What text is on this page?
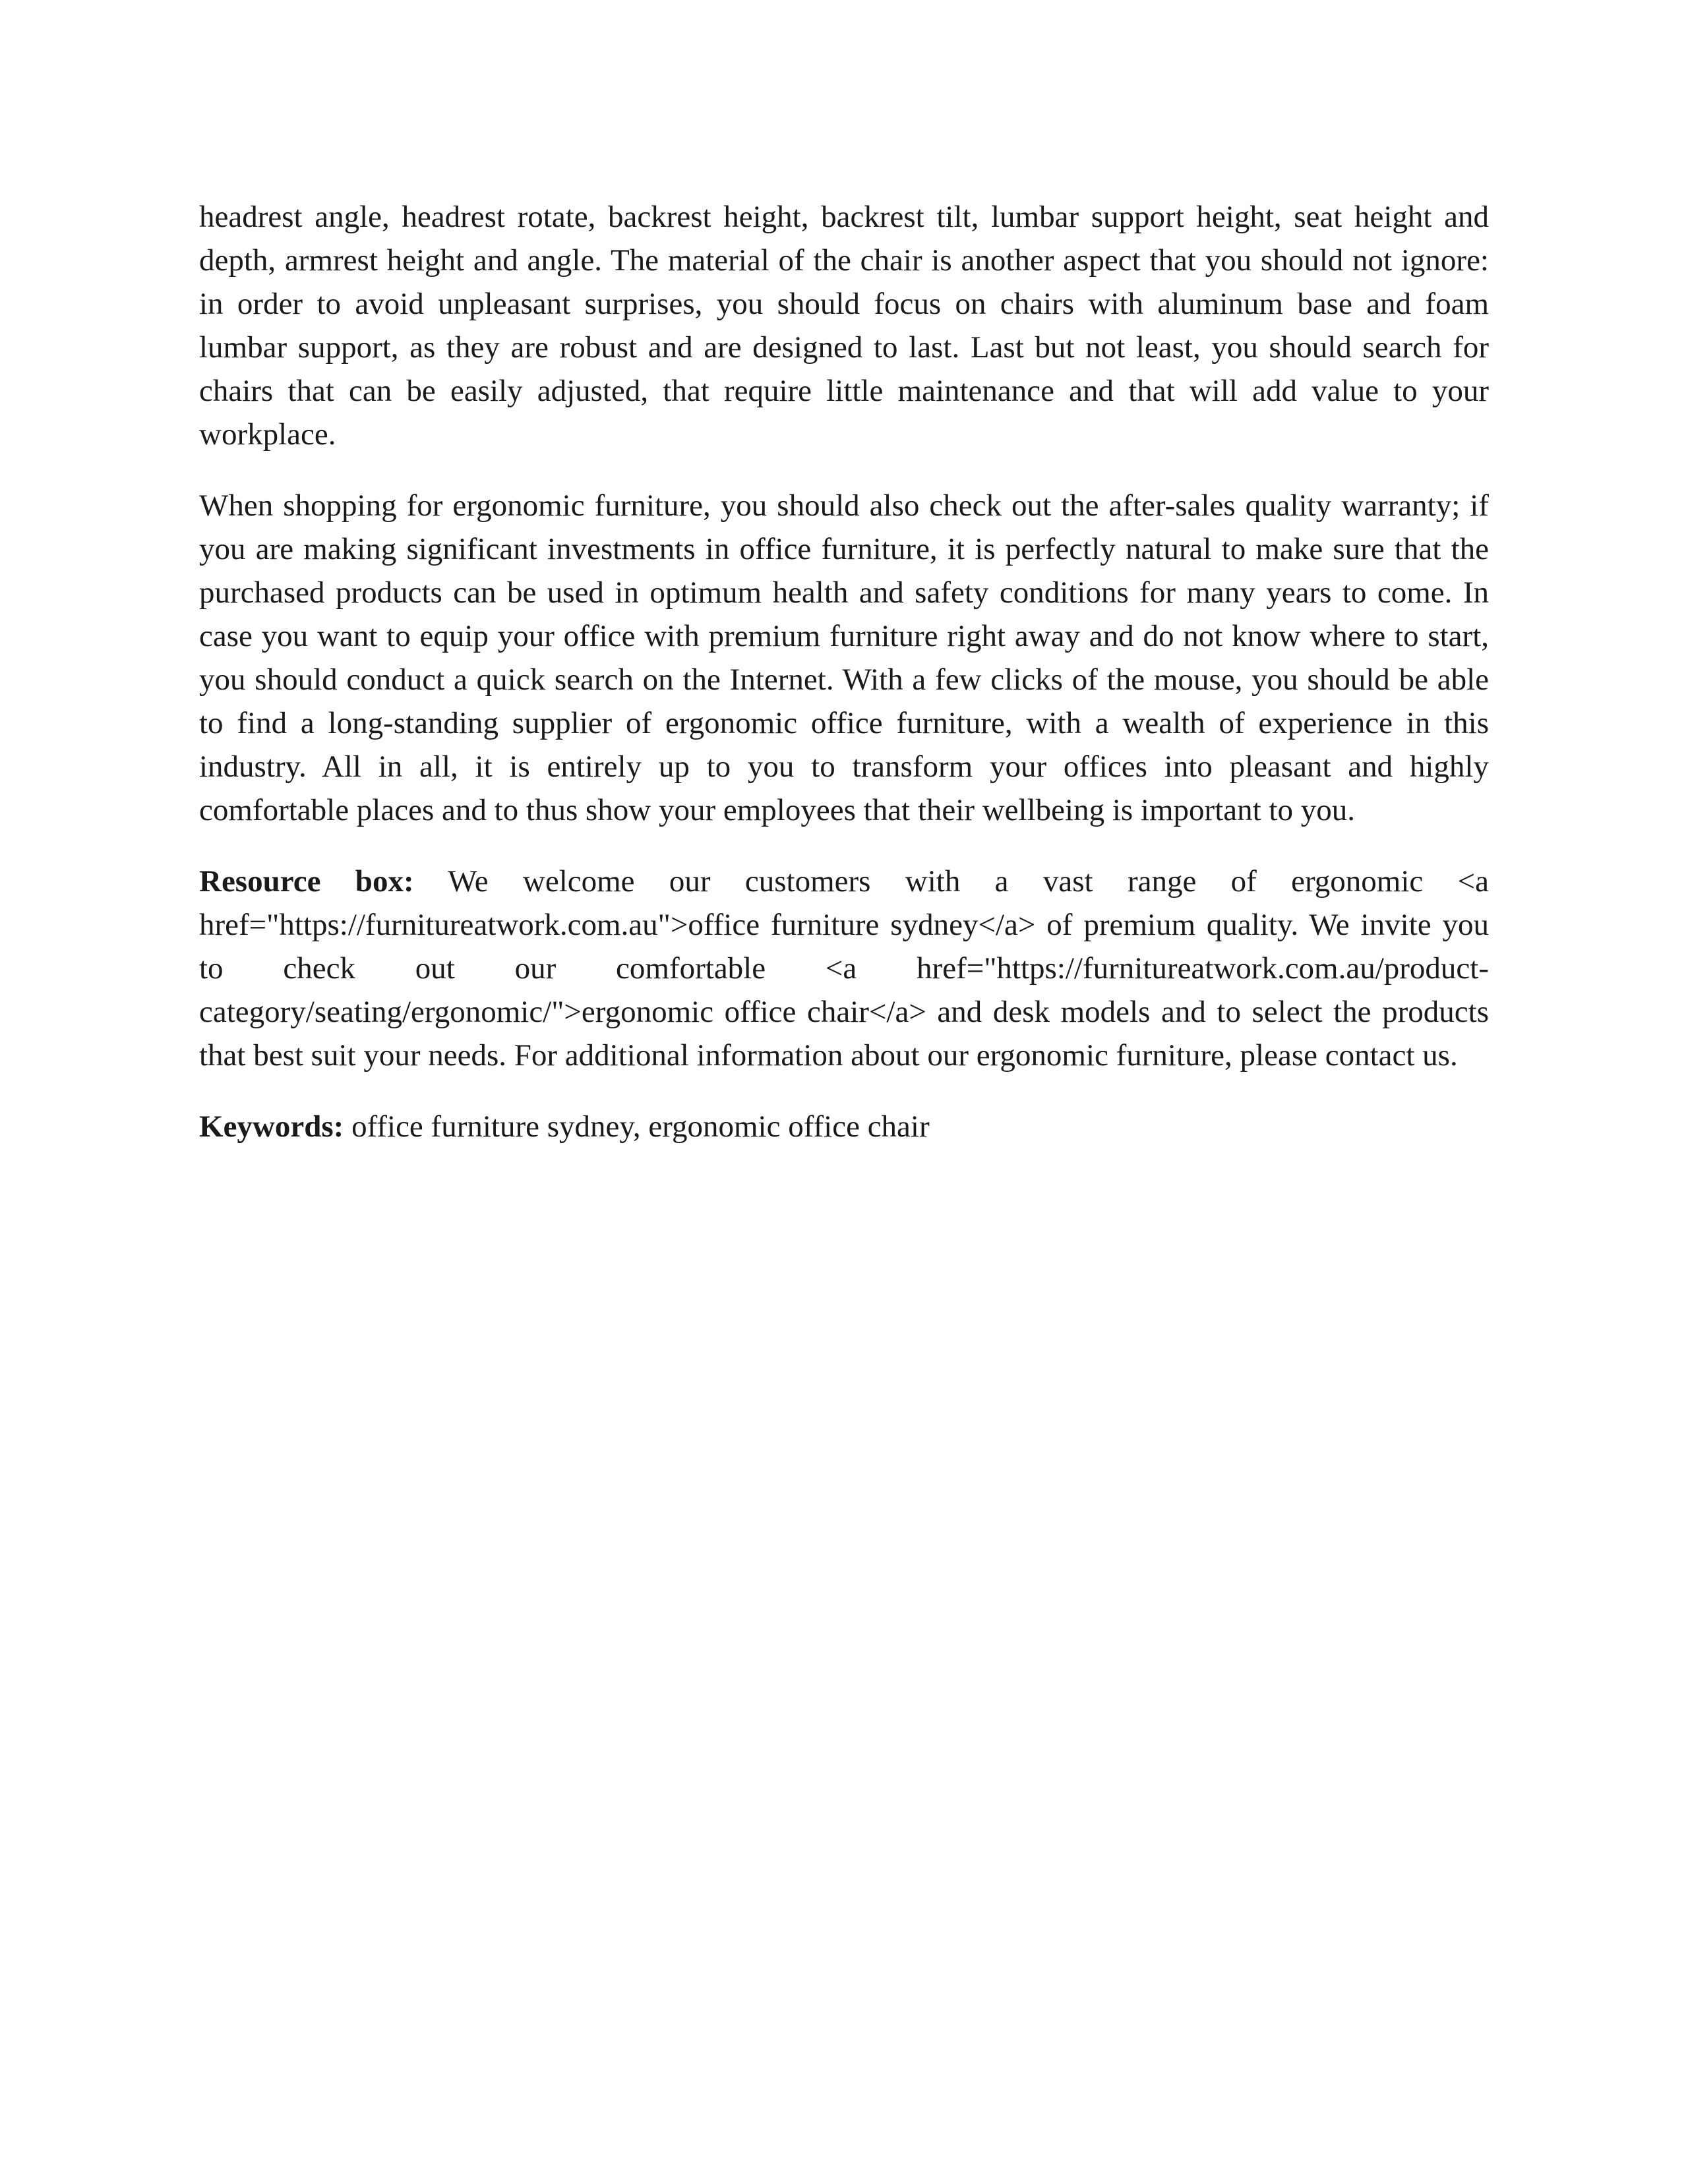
headrest angle, headrest rotate, backrest height, backrest tilt, lumbar support height, seat height and depth, armrest height and angle. The material of the chair is another aspect that you should not ignore: in order to avoid unpleasant surprises, you should focus on chairs with aluminum base and foam lumbar support, as they are robust and are designed to last. Last but not least, you should search for chairs that can be easily adjusted, that require little maintenance and that will add value to your workplace.

When shopping for ergonomic furniture, you should also check out the after-sales quality warranty; if you are making significant investments in office furniture, it is perfectly natural to make sure that the purchased products can be used in optimum health and safety conditions for many years to come. In case you want to equip your office with premium furniture right away and do not know where to start, you should conduct a quick search on the Internet. With a few clicks of the mouse, you should be able to find a long-standing supplier of ergonomic office furniture, with a wealth of experience in this industry. All in all, it is entirely up to you to transform your offices into pleasant and highly comfortable places and to thus show your employees that their wellbeing is important to you.

Resource box: We welcome our customers with a vast range of ergonomic <a href="https://furnitureatwork.com.au">office furniture sydney</a> of premium quality. We invite you to check out our comfortable <a href="https://furnitureatwork.com.au/product-category/seating/ergonomic/">ergonomic office chair</a> and desk models and to select the products that best suit your needs. For additional information about our ergonomic furniture, please contact us.

Keywords: office furniture sydney, ergonomic office chair
